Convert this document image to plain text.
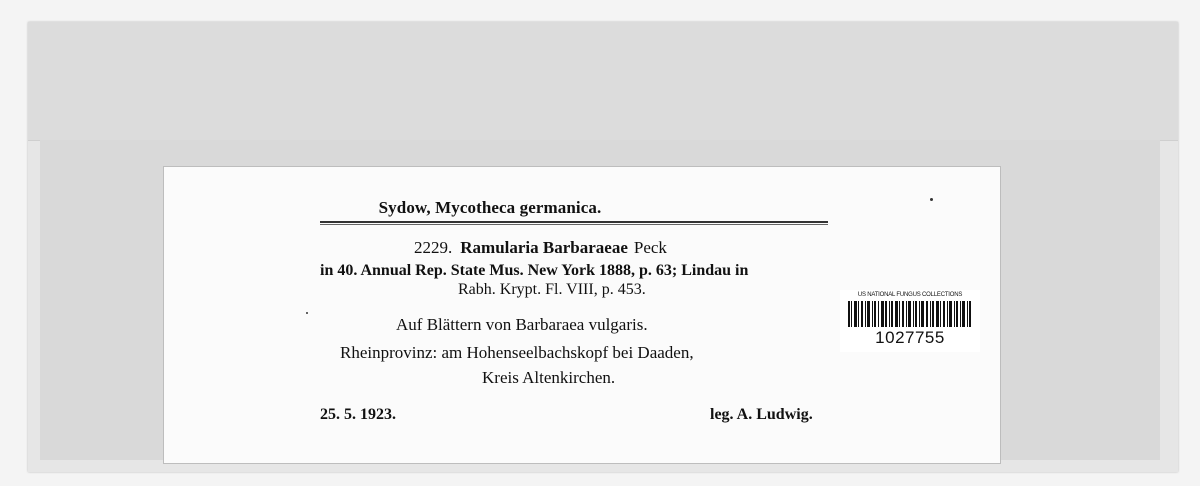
Sydow, Mycotheca germanica.
2229. Ramularia Barbaraeae Peck
in 40. Annual Rep. State Mus. New York 1888, p. 63; Lindau in
Rabh. Krypt. Fl. VIII, p. 453.
Auf Blättern von Barbaraea vulgaris.
Rheinprovinz: am Hohenseelbachskopf bei Daaden,
Kreis Altenkirchen.
25. 5. 1923.	leg. A. Ludwig.
US NATIONAL FUNGUS COLLECTIONS
1027755
